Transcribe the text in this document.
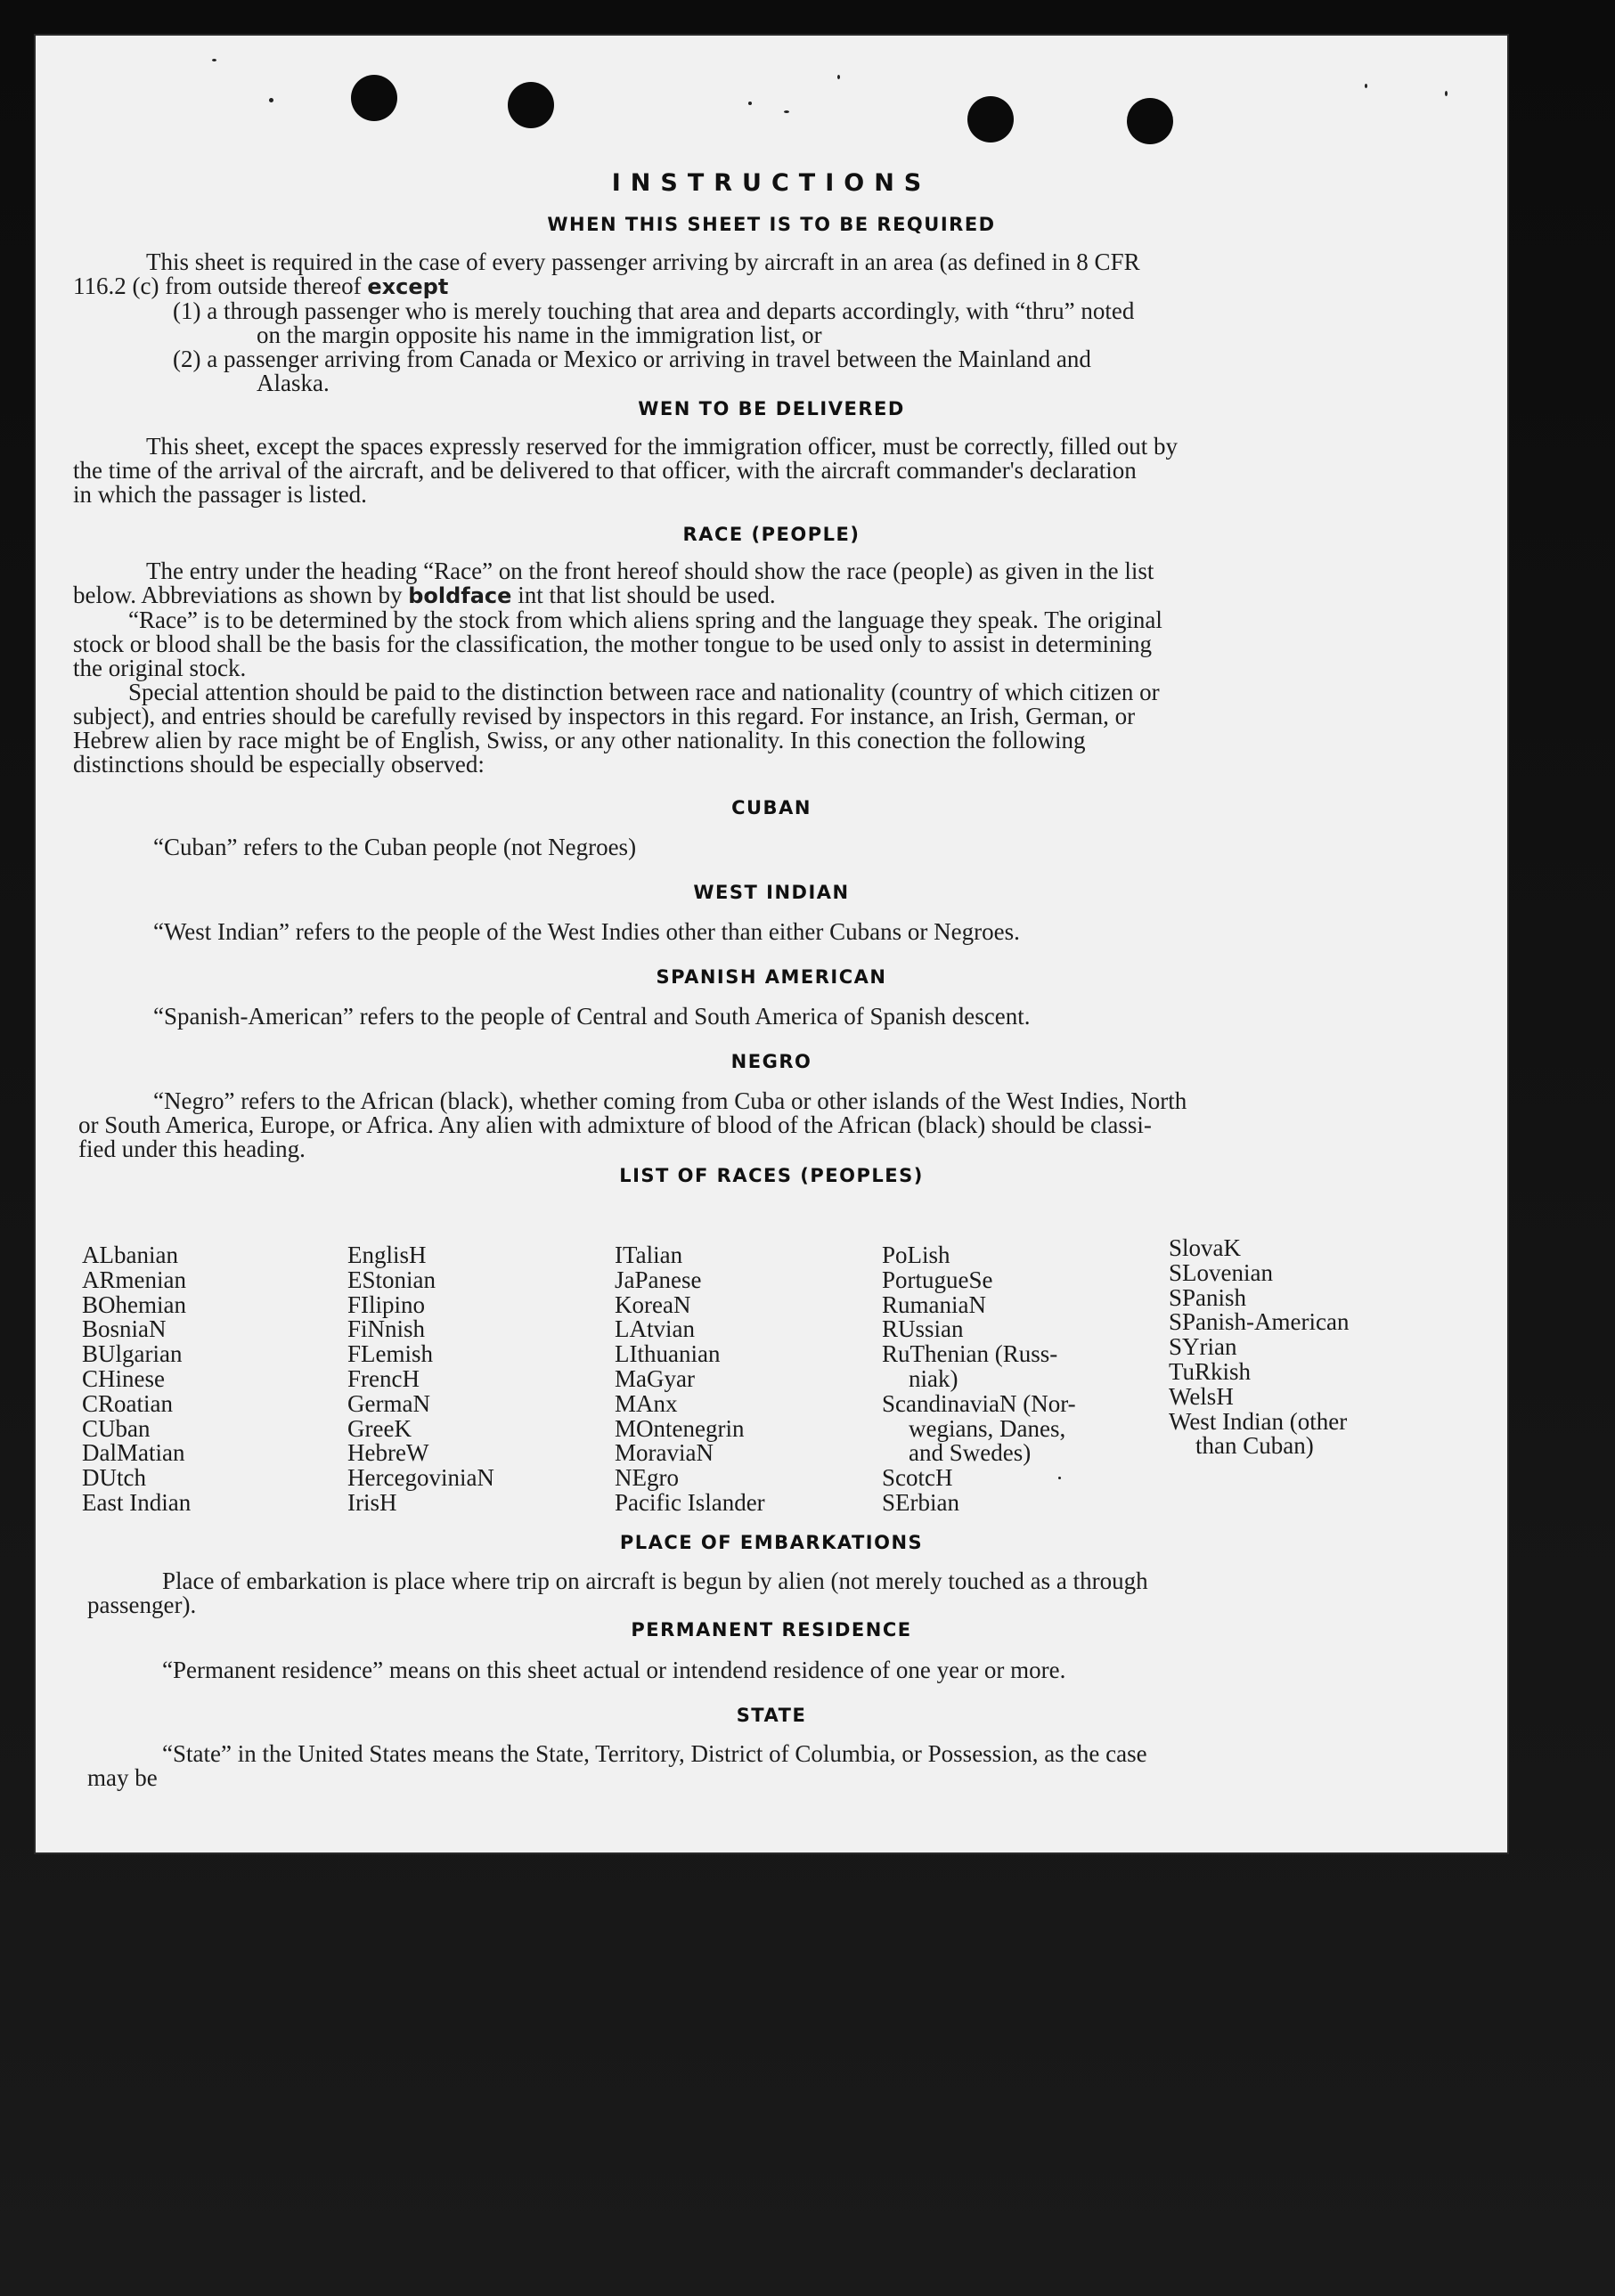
INSTRUCTIONS
WHEN THIS SHEET IS TO BE REQUIRED
This sheet is required in the case of every passenger arriving by aircraft in an area (as defined in 8 CFR
116.2 (c) from outside thereof except
(1) a through passenger who is merely touching that area and departs accordingly, with “thru” noted
on the margin opposite his name in the immigration list, or
(2) a passenger arriving from Canada or Mexico or arriving in travel between the Mainland and
Alaska.
WEN TO BE DELIVERED
This sheet, except the spaces expressly reserved for the immigration officer, must be correctly, filled out by
the time of the arrival of the aircraft, and be delivered to that officer, with the aircraft commander's declaration
in which the passager is listed.
RACE (PEOPLE)
The entry under the heading “Race” on the front hereof should show the race (people) as given in the list
below. Abbreviations as shown by boldface int that list should be used.
“Race” is to be determined by the stock from which aliens spring and the language they speak. The original
stock or blood shall be the basis for the classification, the mother tongue to be used only to assist in determining
the original stock.
Special attention should be paid to the distinction between race and nationality (country of which citizen or
subject), and entries should be carefully revised by inspectors in this regard. For instance, an Irish, German, or
Hebrew alien by race might be of English, Swiss, or any other nationality. In this conection the following
distinctions should be especially observed:
CUBAN
“Cuban” refers to the Cuban people (not Negroes)
WEST INDIAN
“West Indian” refers to the people of the West Indies other than either Cubans or Negroes.
SPANISH AMERICAN
“Spanish-American” refers to the people of Central and South America of Spanish descent.
NEGRO
“Negro” refers to the African (black), whether coming from Cuba or other islands of the West Indies, North
or South America, Europe, or Africa. Any alien with admixture of blood of the African (black) should be classi-
fied under this heading.
LIST OF RACES (PEOPLES)
ALbanian
ARmenian
BOhemian
BosniaN
BUlgarian
CHinese
CRoatian
CUban
DalMatian
DUtch
East Indian
EnglisH
EStonian
FIlipino
FiNnish
FLemish
FrencH
GermaN
GreeK
HebreW
HercegoviniaN
IrisH
ITalian
JaPanese
KoreaN
LAtvian
LIthuanian
MaGyar
MAnx
MOntenegrin
MoraviaN
NEgro
Pacific Islander
PoLish
PortugueSe
RumaniaN
RUssian
RuThenian (Russ-
niak)
ScandinaviaN (Nor-
wegians, Danes,
and Swedes)
ScotcH
SErbian
SlovaK
SLovenian
SPanish
SPanish-American
SYrian
TuRkish
WelsH
West Indian (other
than Cuban)
PLACE OF EMBARKATIONS
Place of embarkation is place where trip on aircraft is begun by alien (not merely touched as a through
passenger).
PERMANENT RESIDENCE
“Permanent residence” means on this sheet actual or intendend residence of one year or more.
STATE
“State” in the United States means the State, Territory, District of Columbia, or Possession, as the case
may be
